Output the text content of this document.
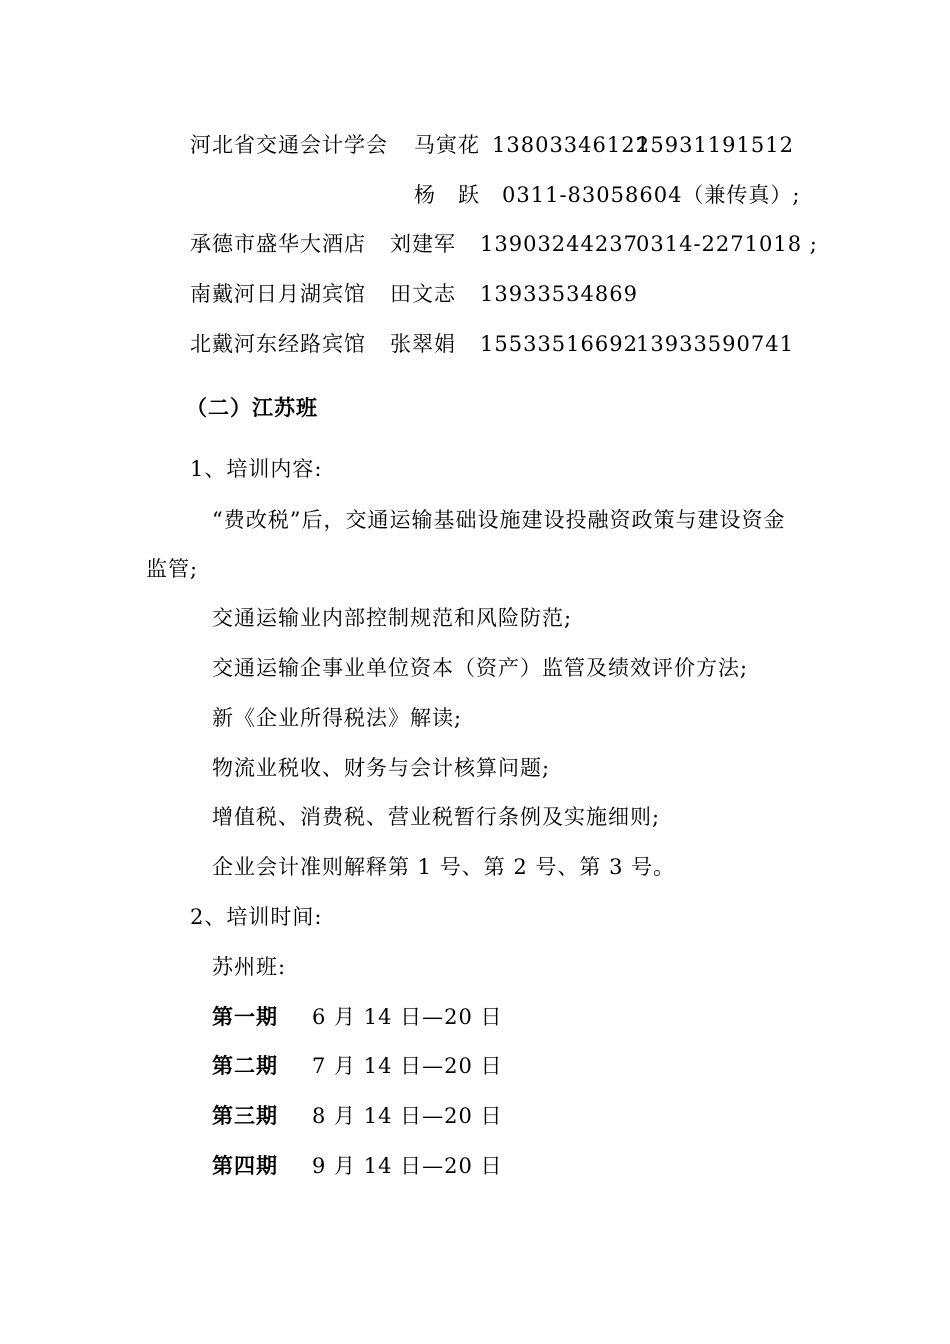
河北省交通会计学会 马寅花 13803346122
15931191512
杨　跃 0311-83058604（兼传真）;
承德市盛华大酒店 刘建军 13903244237
0314-2271018 ;
南戴河日月湖宾馆 田文志 13933534869
北戴河东经路宾馆 张翠娟 15533516692
13933590741
（二）江苏班
1、培训内容:
“费改税”后，交通运输基础设施建设投融资政策与建设资金
监管;
交通运输业内部控制规范和风险防范;
交通运输企事业单位资本（资产）监管及绩效评价方法;
新《企业所得税法》解读;
物流业税收、财务与会计核算问题;
增值税、消费税、营业税暂行条例及实施细则;
企业会计准则解释第 1 号、第 2 号、第 3 号。
2、培训时间:
苏州班:
第一期 6 月 14 日—20 日
第二期 7 月 14 日—20 日
第三期 8 月 14 日—20 日
第四期 9 月 14 日—20 日
